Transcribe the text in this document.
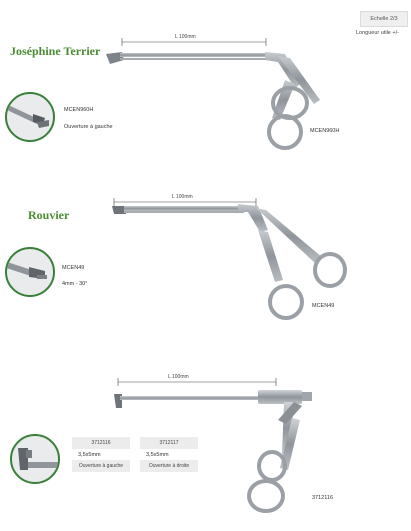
Echelle 2/3
Longueur utile +/-
Joséphine Terrier
L 100mm
MCEN960H
Ouverture à gauche
MCEN960H
Rouvier
L 100mm
MCEN49
4mm - 30°
MCEN49
L 100mm
3712116	3712117
3,5x5mm	3,5x5mm
Ouverture à gauche	Ouverture à droite
3712116
